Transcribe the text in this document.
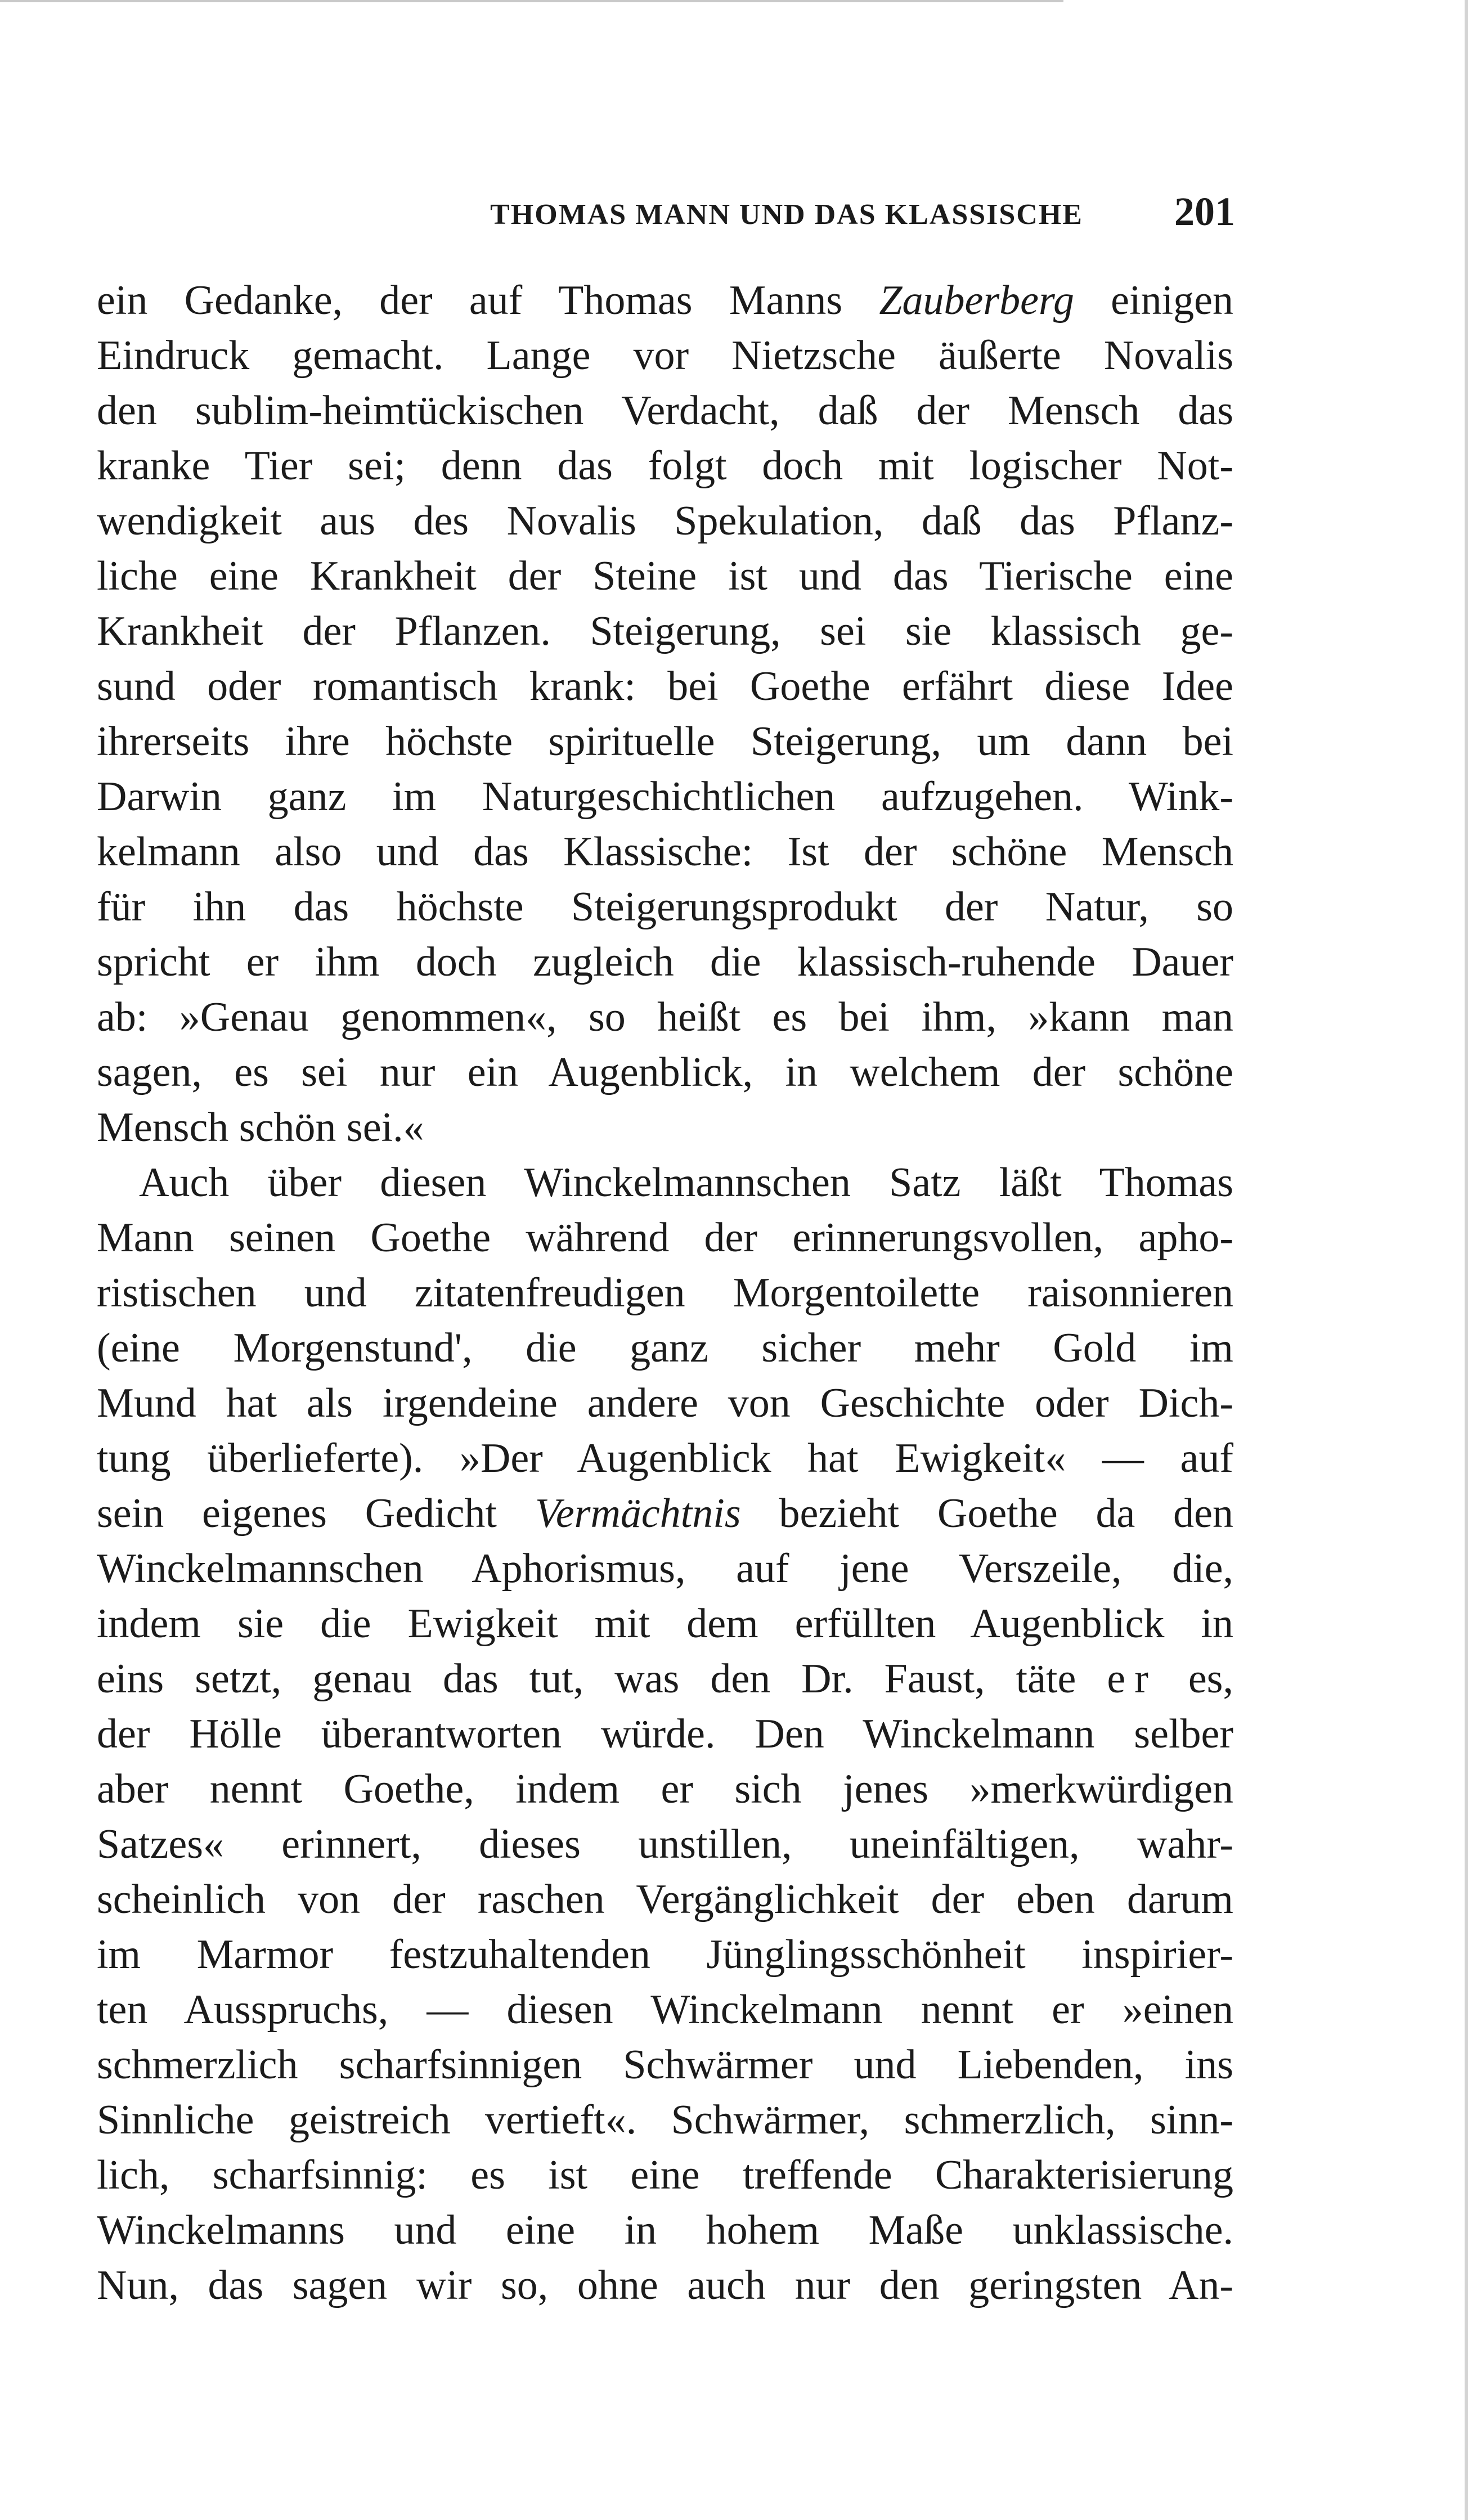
THOMAS MANN UND DAS KLASSISCHE 201
ein Gedanke, der auf Thomas Manns Zauberberg einigen
Eindruck gemacht. Lange vor Nietzsche äußerte Novalis
den sublim-heimtückischen Verdacht, daß der Mensch das
kranke Tier sei; denn das folgt doch mit logischer Not-
wendigkeit aus des Novalis Spekulation, daß das Pflanz-
liche eine Krankheit der Steine ist und das Tierische eine
Krankheit der Pflanzen. Steigerung, sei sie klassisch ge-
sund oder romantisch krank: bei Goethe erfährt diese Idee
ihrerseits ihre höchste spirituelle Steigerung, um dann bei
Darwin ganz im Naturgeschichtlichen aufzugehen. Wink-
kelmann also und das Klassische: Ist der schöne Mensch
für ihn das höchste Steigerungsprodukt der Natur, so
spricht er ihm doch zugleich die klassisch-ruhende Dauer
ab: »Genau genommen«, so heißt es bei ihm, »kann man
sagen, es sei nur ein Augenblick, in welchem der schöne
Mensch schön sei.«
Auch über diesen Winckelmannschen Satz läßt Thomas
Mann seinen Goethe während der erinnerungsvollen, apho-
ristischen und zitatenfreudigen Morgentoilette raisonnieren
(eine Morgenstund', die ganz sicher mehr Gold im
Mund hat als irgendeine andere von Geschichte oder Dich-
tung überlieferte). »Der Augenblick hat Ewigkeit« — auf
sein eigenes Gedicht Vermächtnis bezieht Goethe da den
Winckelmannschen Aphorismus, auf jene Verszeile, die,
indem sie die Ewigkeit mit dem erfüllten Augenblick in
eins setzt, genau das tut, was den Dr. Faust, täte er es,
der Hölle überantworten würde. Den Winckelmann selber
aber nennt Goethe, indem er sich jenes »merkwürdigen
Satzes« erinnert, dieses unstillen, uneinfältigen, wahr-
scheinlich von der raschen Vergänglichkeit der eben darum
im Marmor festzuhaltenden Jünglingsschönheit inspirier-
ten Ausspruchs, — diesen Winckelmann nennt er »einen
schmerzlich scharfsinnigen Schwärmer und Liebenden, ins
Sinnliche geistreich vertieft«. Schwärmer, schmerzlich, sinn-
lich, scharfsinnig: es ist eine treffende Charakterisierung
Winckelmanns und eine in hohem Maße unklassische.
Nun, das sagen wir so, ohne auch nur den geringsten An-
